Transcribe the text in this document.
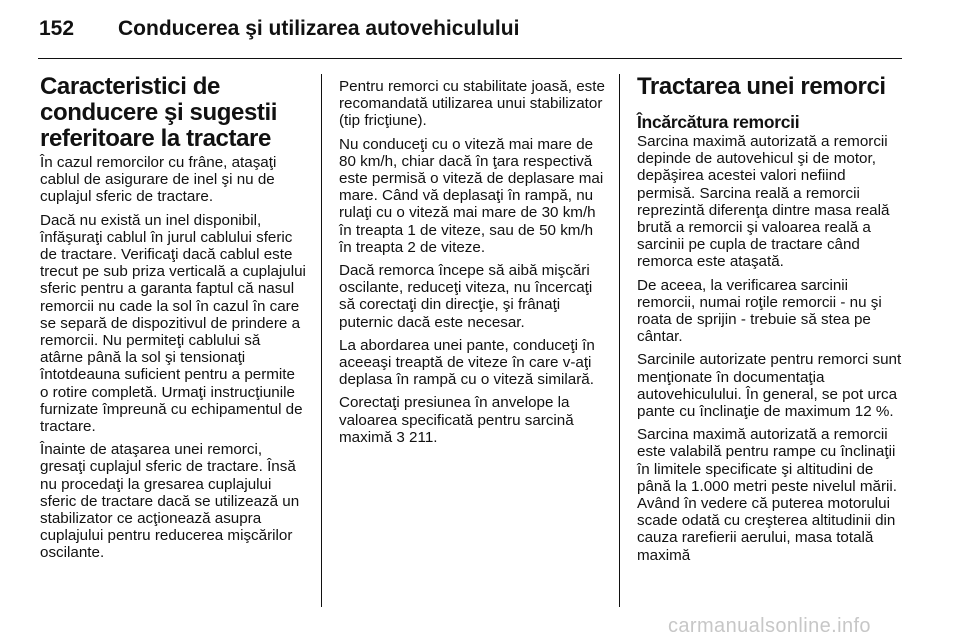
152 Conducerea şi utilizarea autovehiculului
Caracteristici de conducere şi sugestii referitoare la tractare

În cazul remorcilor cu frâne, ataşaţi cablul de asigurare de inel şi nu de cuplajul sferic de tractare.

Dacă nu există un inel disponibil, înfăşuraţi cablul în jurul cablului sferic de tractare. Verificaţi dacă cablul este trecut pe sub priza verticală a cuplajului sferic pentru a garanta faptul că nasul remorcii nu cade la sol în cazul în care se separă de dispozitivul de prindere a remorcii. Nu permiteţi cablului să atârne până la sol şi tensionaţi întotdeauna suficient pentru a permite o rotire completă. Urmaţi instrucţiunile furnizate împreună cu echipamentul de tractare.

Înainte de ataşarea unei remorci, gresaţi cuplajul sferic de tractare. Însă nu procedaţi la gresarea cuplajului sferic de tractare dacă se utilizează un stabilizator ce acţionează asupra cuplajului pentru reducerea mişcărilor oscilante.

Pentru remorci cu stabilitate joasă, este recomandată utilizarea unui stabilizator (tip fricţiune).

Nu conduceţi cu o viteză mai mare de 80 km/h, chiar dacă în ţara respectivă este permisă o viteză de deplasare mai mare. Când vă deplasaţi în rampă, nu rulaţi cu o viteză mai mare de 30 km/h în treapta 1 de viteze, sau de 50 km/h în treapta 2 de viteze.

Dacă remorca începe să aibă mişcări oscilante, reduceţi viteza, nu încercaţi să corectaţi din direcţie, şi frânaţi puternic dacă este necesar.

La abordarea unei pante, conduceţi în aceeaşi treaptă de viteze în care v-aţi deplasa în rampă cu o viteză similară.

Corectaţi presiunea în anvelope la valoarea specificată pentru sarcină maximă 3 211.

Tractarea unei remorci
Încărcătura remorcii

Sarcina maximă autorizată a remorcii depinde de autovehicul şi de motor, depăşirea acestei valori nefiind permisă. Sarcina reală a remorcii reprezintă diferenţa dintre masa reală brută a remorcii şi valoarea reală a sarcinii pe cupla de tractare când remorca este ataşată.

De aceea, la verificarea sarcinii remorcii, numai roţile remorcii - nu şi roata de sprijin - trebuie să stea pe cântar.

Sarcinile autorizate pentru remorci sunt menţionate în documentaţia autovehiculului. În general, se pot urca pante cu înclinaţie de maximum 12 %.

Sarcina maximă autorizată a remorcii este valabilă pentru rampe cu înclinaţii în limitele specificate şi altitudini de până la 1.000 metri peste nivelul mării. Având în vedere că puterea motorului scade odată cu creşterea altitudinii din cauza rarefierii aerului, masa totală maximă

carmanualsonline.info
